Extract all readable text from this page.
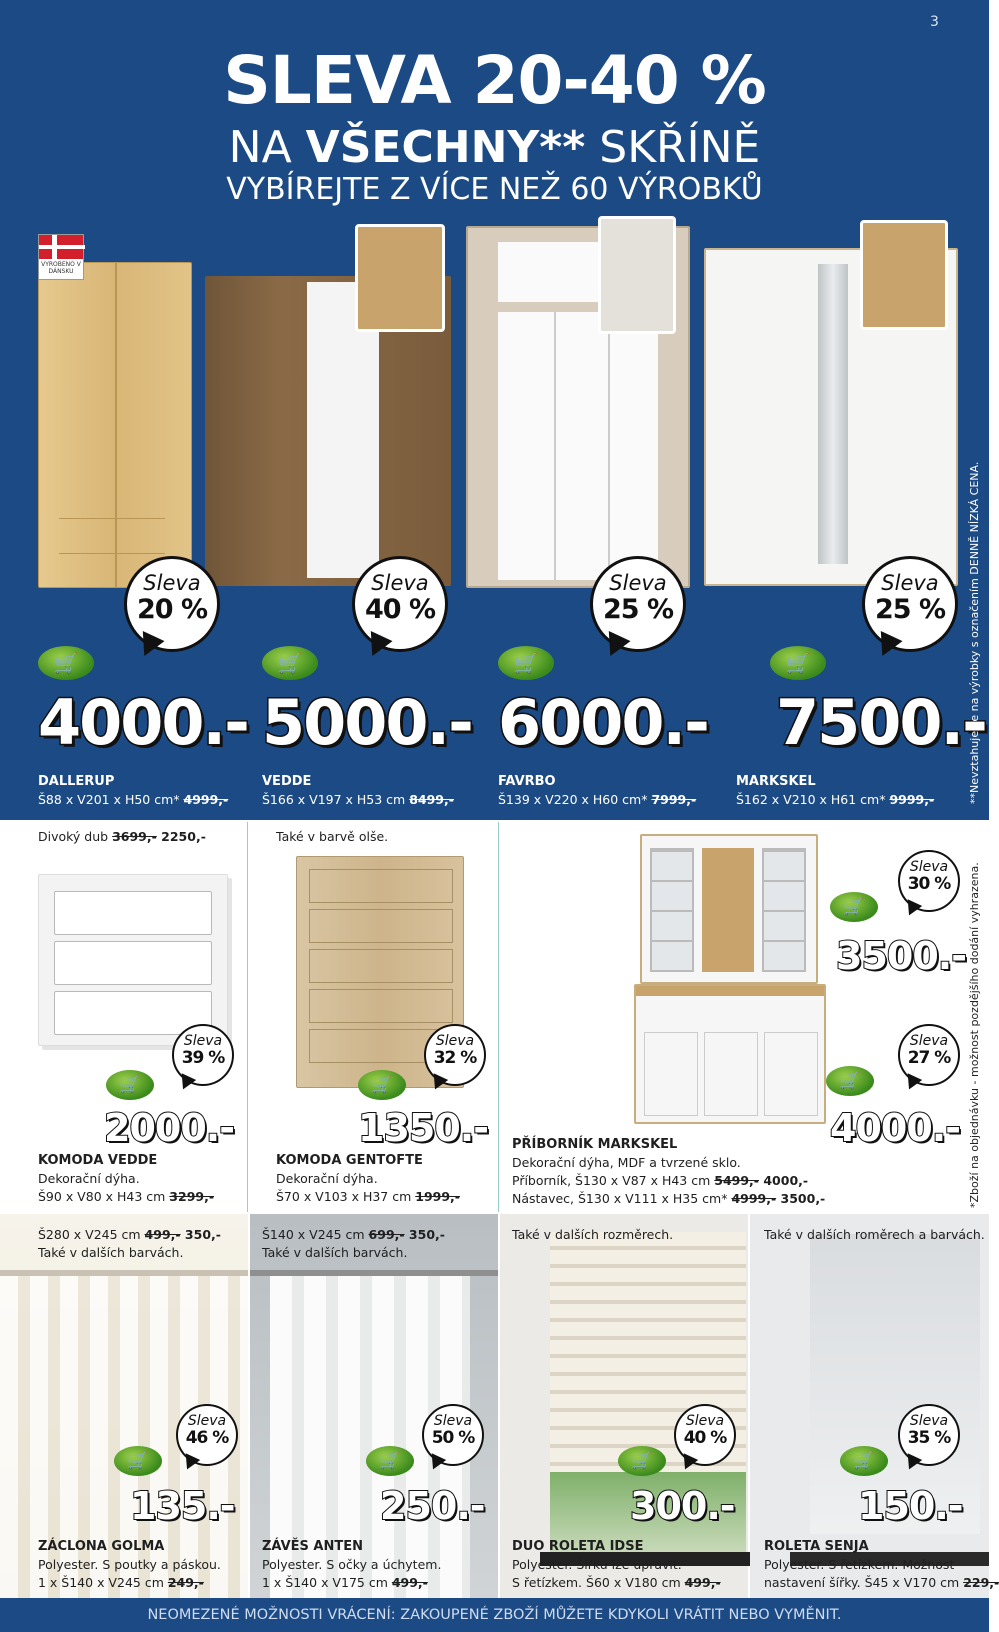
3
SLEVA 20-40 %
NA VŠECHNY** SKŘÍNĚ
VYBÍREJTE Z VÍCE NEŽ 60 VÝROBKŮ
VYROBENO V DÁNSKU
Sleva
20 %
Sleva
40 %
Sleva
25 %
Sleva
25 %
🛒	🛒	🛒	🛒
4000.- 5000.- 6000.- 7500.-
DALLERUP
Š88 x V201 x H50 cm* 4999,-
VEDDE
Š166 x V197 x H53 cm 8499,-
FAVRBO
Š139 x V220 x H60 cm* 7999,-
MARKSKEL
Š162 x V210 x H61 cm* 9999,-	**Nevztahuje se na výrobky s označením DENNĚ NÍZKÁ CENA.
Divoký dub 3699,- 2250,-
Sleva
39 %
🛒
2000.-
KOMODA VEDDE
Dekorační dýha.
Š90 x V80 x H43 cm 3299,-
Také v barvě olše.
Sleva
32 %
🛒
1350.-
KOMODA GENTOFTE
Dekorační dýha.
Š70 x V103 x H37 cm 1999,-
Sleva
30 %
🛒
3500.-
Sleva
27 %
🛒
4000.-
PŘÍBORNÍK MARKSKEL
Dekorační dýha, MDF a tvrzené sklo.
Příborník, Š130 x V87 x H43 cm 5499,- 4000,-
Nástavec, Š130 x V111 x H35 cm* 4999,- 3500,-	*Zboží na objednávku - možnost pozdějšího dodání vyhrazena.
Š280 x V245 cm 499,- 350,-
Také v dalších barvách.
Š140 x V245 cm 699,- 350,-
Také v dalších barvách.
Také v dalších rozměrech.	Také v dalších roměrech a barvách.
Sleva
46 %
Sleva
50 %
Sleva
40 %
Sleva
35 %
🛒	🛒	🛒	🛒
135.-	250.-	300.-	150.-
ZÁCLONA GOLMA
Polyester. S poutky a páskou.
1 x Š140 x V245 cm 249,-
ZÁVĚS ANTEN
Polyester. S očky a úchytem.
1 x Š140 x V175 cm 499,-
DUO ROLETA IDSE
Polyester. Šířku lze upravit.
S řetízkem. Š60 x V180 cm 499,-
ROLETA SENJA
Polyester. S řetízkem. Možnost
nastavení šířky. Š45 x V170 cm 229,-
NEOMEZENÉ MOŽNOSTI VRÁCENÍ: ZAKOUPENÉ ZBOŽÍ MŮŽETE KDYKOLI VRÁTIT NEBO VYMĚNIT.
